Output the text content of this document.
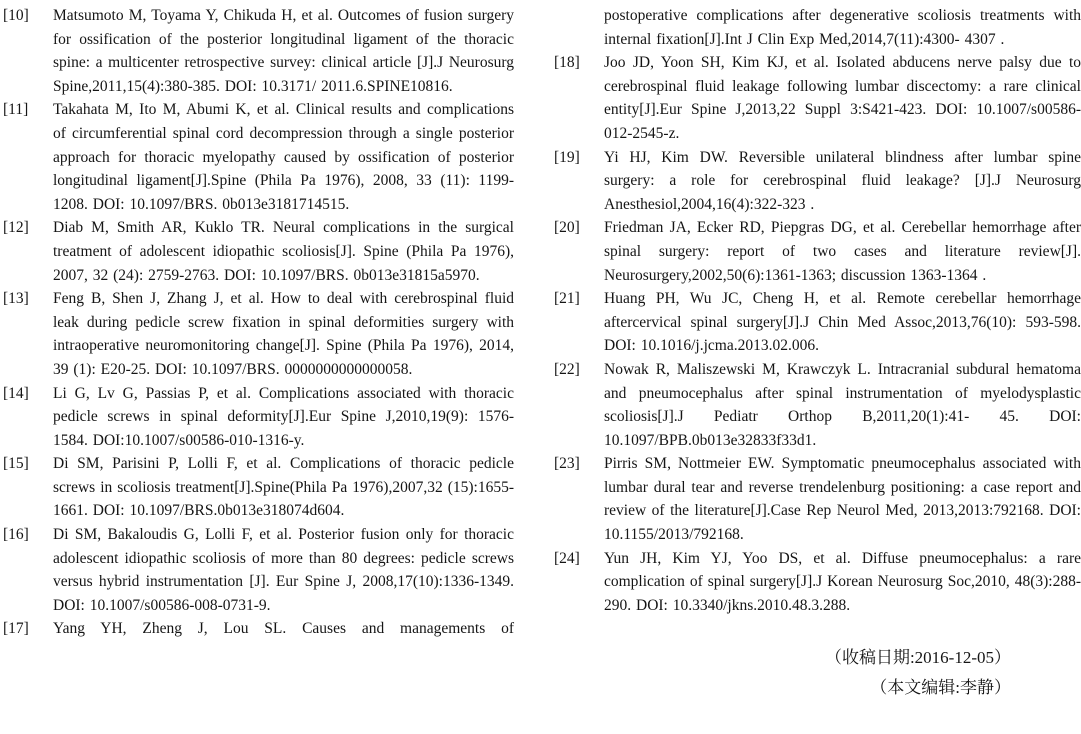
[10]	Matsumoto M, Toyama Y, Chikuda H, et al. Outcomes of fusion surgery for ossification of the posterior longitudinal ligament of the thoracic spine: a multicenter retrospective survey: clinical article [J].J Neurosurg Spine,2011,15(4):380-385. DOI: 10.3171/ 2011.6.SPINE10816.
[11]	Takahata M, Ito M, Abumi K, et al. Clinical results and complications of circumferential spinal cord decompression through a single posterior approach for thoracic myelopathy caused by ossification of posterior longitudinal ligament[J].Spine (Phila Pa 1976), 2008, 33 (11): 1199-1208. DOI: 10.1097/BRS. 0b013e3181714515.
[12]	Diab M, Smith AR, Kuklo TR. Neural complications in the surgical treatment of adolescent idiopathic scoliosis[J]. Spine (Phila Pa 1976), 2007, 32 (24): 2759-2763. DOI: 10.1097/BRS. 0b013e31815a5970.
[13]	Feng B, Shen J, Zhang J, et al. How to deal with cerebrospinal fluid leak during pedicle screw fixation in spinal deformities surgery with intraoperative neuromonitoring change[J]. Spine (Phila Pa 1976), 2014, 39 (1): E20-25. DOI: 10.1097/BRS. 0000000000000058.
[14]	Li G, Lv G, Passias P, et al. Complications associated with thoracic pedicle screws in spinal deformity[J].Eur Spine J,2010,19(9): 1576-1584. DOI:10.1007/s00586-010-1316-y.
[15]	Di SM, Parisini P, Lolli F, et al. Complications of thoracic pedicle screws in scoliosis treatment[J].Spine(Phila Pa 1976),2007,32 (15):1655-1661. DOI: 10.1097/BRS.0b013e318074d604.
[16]	Di SM, Bakaloudis G, Lolli F, et al. Posterior fusion only for thoracic adolescent idiopathic scoliosis of more than 80 degrees: pedicle screws versus hybrid instrumentation [J]. Eur Spine J, 2008,17(10):1336-1349. DOI: 10.1007/s00586-008-0731-9.
[17]	Yang YH, Zheng J, Lou SL. Causes and managements of
postoperative complications after degenerative scoliosis treatments with internal fixation[J].Int J Clin Exp Med,2014,7(11):4300- 4307 .
[18]	Joo JD, Yoon SH, Kim KJ, et al. Isolated abducens nerve palsy due to cerebrospinal fluid leakage following lumbar discectomy: a rare clinical entity[J].Eur Spine J,2013,22 Suppl 3:S421-423. DOI: 10.1007/s00586-012-2545-z.
[19]	Yi HJ, Kim DW. Reversible unilateral blindness after lumbar spine surgery: a role for cerebrospinal fluid leakage? [J].J Neurosurg Anesthesiol,2004,16(4):322-323 .
[20]	Friedman JA, Ecker RD, Piepgras DG, et al. Cerebellar hemorrhage after spinal surgery: report of two cases and literature review[J]. Neurosurgery,2002,50(6):1361-1363; discussion 1363-1364 .
[21]	Huang PH, Wu JC, Cheng H, et al. Remote cerebellar hemorrhage aftercervical spinal surgery[J].J Chin Med Assoc,2013,76(10): 593-598. DOI: 10.1016/j.jcma.2013.02.006.
[22]	Nowak R, Maliszewski M, Krawczyk L. Intracranial subdural hematoma and pneumocephalus after spinal instrumentation of myelodysplastic scoliosis[J].J Pediatr Orthop B,2011,20(1):41- 45. DOI: 10.1097/BPB.0b013e32833f33d1.
[23]	Pirris SM, Nottmeier EW. Symptomatic pneumocephalus associated with lumbar dural tear and reverse trendelenburg positioning: a case report and review of the literature[J].Case Rep Neurol Med, 2013,2013:792168. DOI: 10.1155/2013/792168.
[24]	Yun JH, Kim YJ, Yoo DS, et al. Diffuse pneumocephalus: a rare complication of spinal surgery[J].J Korean Neurosurg Soc,2010, 48(3):288-290. DOI: 10.3340/jkns.2010.48.3.288.
（收稿日期:2016-12-05）
（本文编辑:李静）
